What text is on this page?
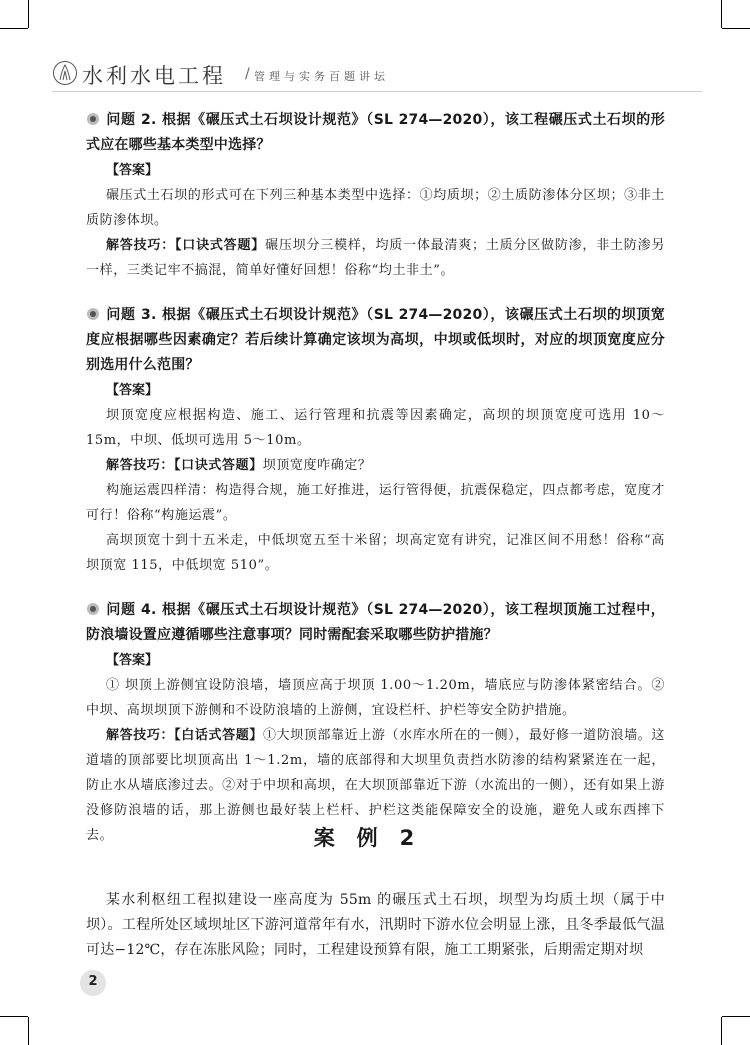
水利水电工程 / 管理与实务百题讲坛

问题 2. 根据《碾压式土石坝设计规范》（SL 274—2020），该工程碾压式土石坝的形式应在哪些基本类型中选择？

【答案】

碾压式土石坝的形式可在下列三种基本类型中选择：①均质坝；②土质防渗体分区坝；③非土质防渗体坝。

解答技巧：【口诀式答题】碾压坝分三模样，均质一体最清爽；土质分区做防渗，非土防渗另一样，三类记牢不搞混，简单好懂好回想！俗称“均土非土”。

问题 3. 根据《碾压式土石坝设计规范》（SL 274—2020），该碾压式土石坝的坝顶宽度应根据哪些因素确定？若后续计算确定该坝为高坝，中坝或低坝时，对应的坝顶宽度应分别选用什么范围？

【答案】

坝顶宽度应根据构造、施工、运行管理和抗震等因素确定，高坝的坝顶宽度可选用 10～15m，中坝、低坝可选用 5～10m。

解答技巧：【口诀式答题】坝顶宽度咋确定？

构施运震四样清：构造得合规，施工好推进，运行管得便，抗震保稳定，四点都考虑，宽度才可行！俗称“构施运震”。

高坝顶宽十到十五米走，中低坝宽五至十米留；坝高定宽有讲究，记准区间不用愁！俗称“高坝顶宽 115，中低坝宽 510”。

问题 4. 根据《碾压式土石坝设计规范》（SL 274—2020），该工程坝顶施工过程中，防浪墙设置应遵循哪些注意事项？同时需配套采取哪些防护措施？

【答案】

① 坝顶上游侧宜设防浪墙，墙顶应高于坝顶 1.00～1.20m，墙底应与防渗体紧密结合。②中坝、高坝坝顶下游侧和不设防浪墙的上游侧，宜设栏杆、护栏等安全防护措施。

解答技巧：【白话式答题】①大坝顶部靠近上游（水库水所在的一侧），最好修一道防浪墙。这道墙的顶部要比坝顶高出 1～1.2m，墙的底部得和大坝里负责挡水防渗的结构紧紧连在一起，防止水从墙底渗过去。②对于中坝和高坝，在大坝顶部靠近下游（水流出的一侧），还有如果上游没修防浪墙的话，那上游侧也最好装上栏杆、护栏这类能保障安全的设施，避免人或东西摔下去。	案例2

某水利枢纽工程拟建设一座高度为 55m 的碾压式土石坝，坝型为均质土坝（属于中坝）。工程所处区域坝址区下游河道常年有水，汛期时下游水位会明显上涨，且冬季最低气温可达−12℃，存在冻胀风险；同时，工程建设预算有限，施工工期紧张，后期需定期对坝

2
